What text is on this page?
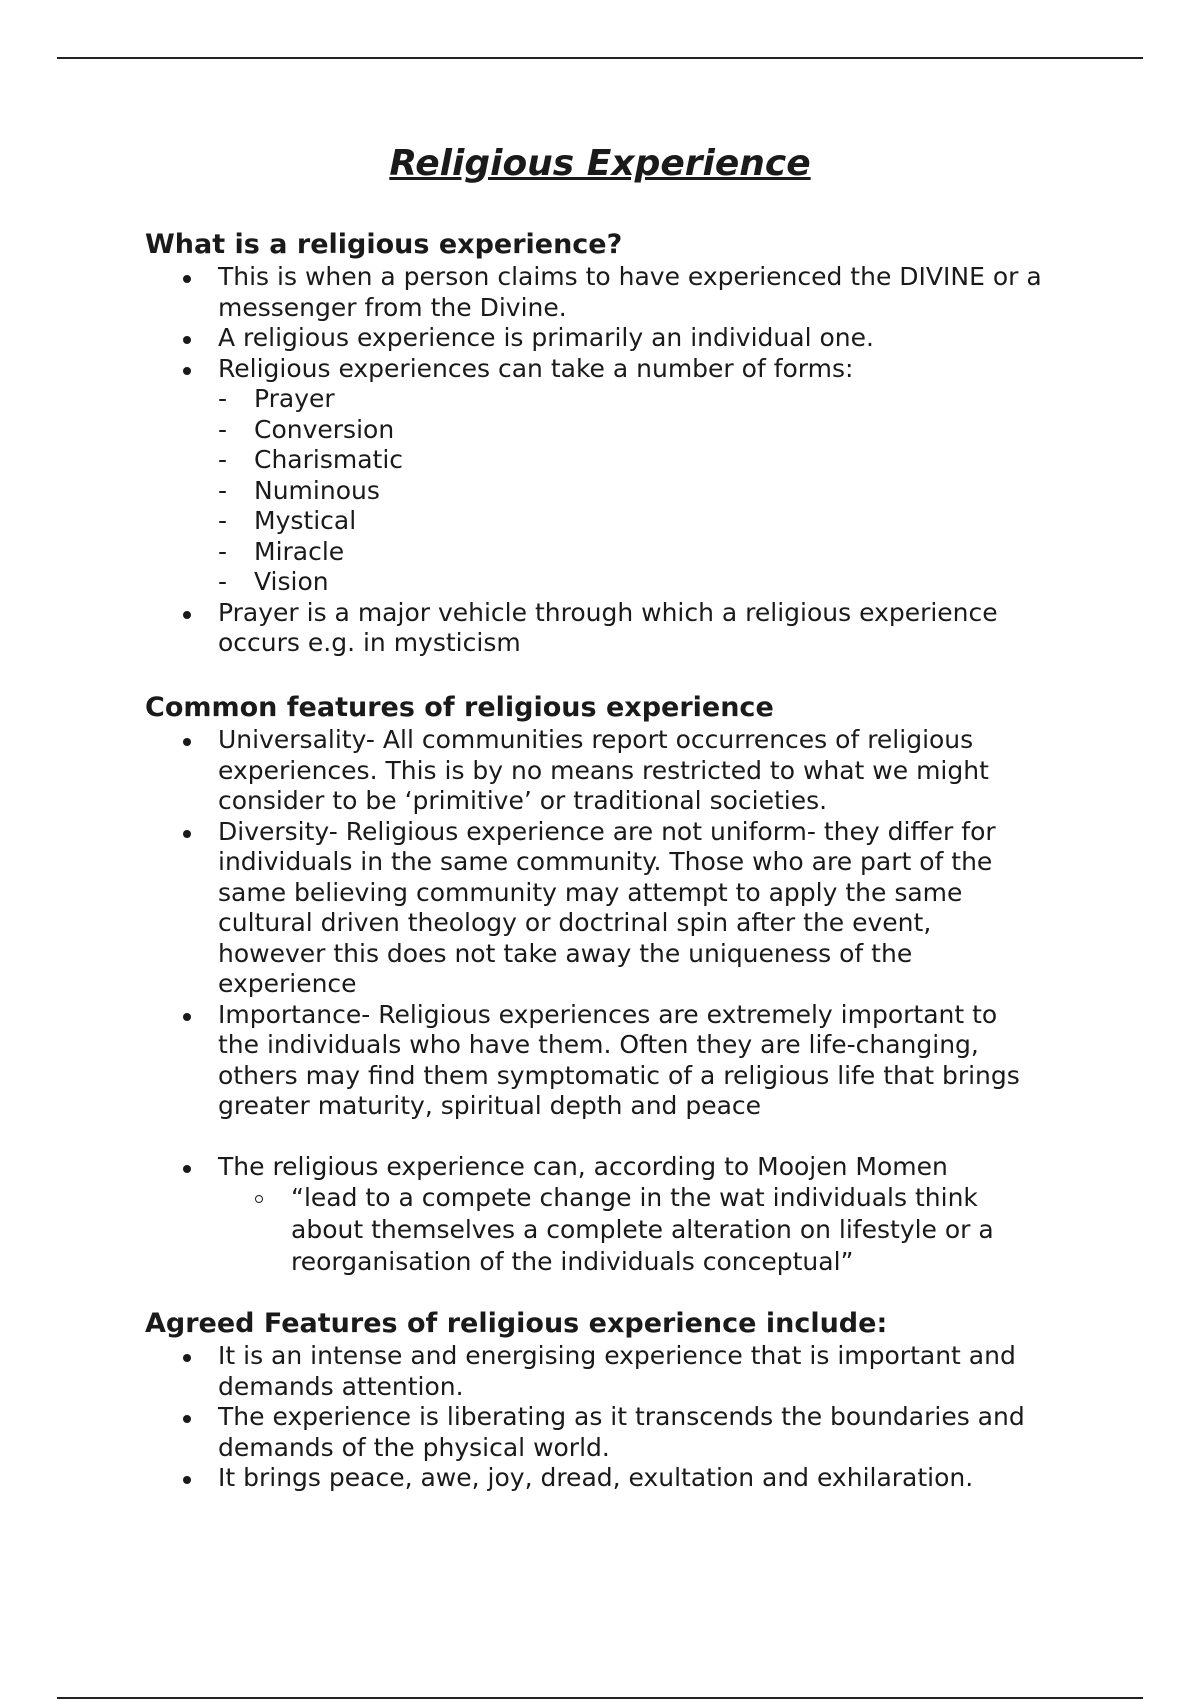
Religious Experience
What is a religious experience?
This is when a person claims to have experienced the DIVINE or a messenger from the Divine.
A religious experience is primarily an individual one.
Religious experiences can take a number of forms:
- Prayer
- Conversion
- Charismatic
- Numinous
- Mystical
- Miracle
- Vision
Prayer is a major vehicle through which a religious experience occurs e.g. in mysticism
Common features of religious experience
Universality- All communities report occurrences of religious experiences. This is by no means restricted to what we might consider to be ‘primitive’ or traditional societies.
Diversity- Religious experience are not uniform- they differ for individuals in the same community. Those who are part of the same believing community may attempt to apply the same cultural driven theology or doctrinal spin after the event, however this does not take away the uniqueness of the experience
Importance- Religious experiences are extremely important to the individuals who have them. Often they are life-changing, others may find them symptomatic of a religious life that brings greater maturity, spiritual depth and peace
The religious experience can, according to Moojen Momen
“lead to a compete change in the wat individuals think about themselves a complete alteration on lifestyle or a reorganisation of the individuals conceptual”
Agreed Features of religious experience include:
It is an intense and energising experience that is important and demands attention.
The experience is liberating as it transcends the boundaries and demands of the physical world.
It brings peace, awe, joy, dread, exultation and exhilaration.
